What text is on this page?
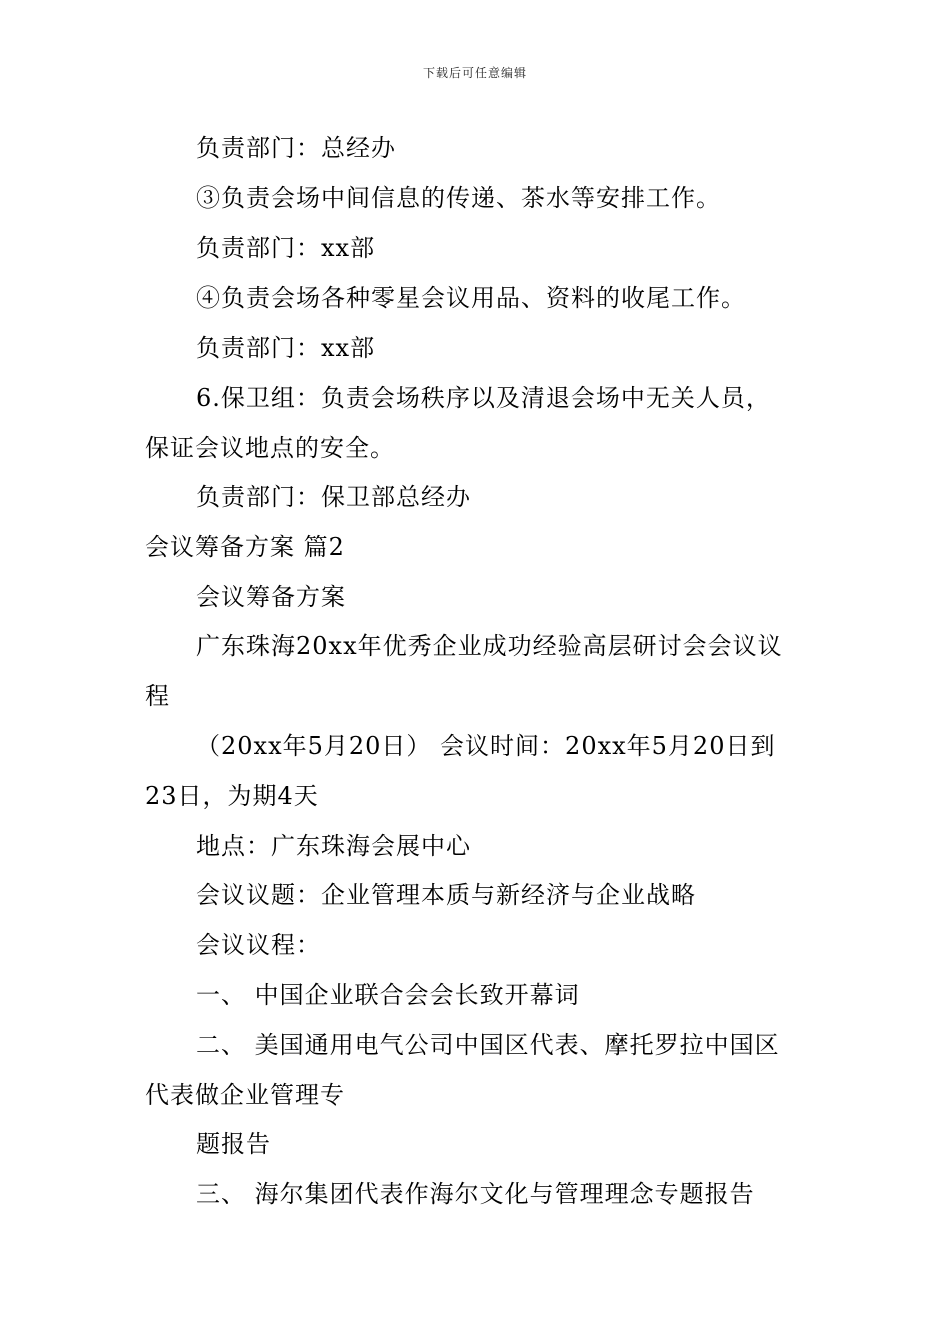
下载后可任意编辑
负责部门：总经办
③负责会场中间信息的传递、茶水等安排工作。
负责部门：xx部
④负责会场各种零星会议用品、资料的收尾工作。
负责部门：xx部
6.保卫组：负责会场秩序以及清退会场中无关人员，
保证会议地点的安全。
负责部门：保卫部总经办
会议筹备方案 篇2
会议筹备方案
广东珠海20xx年优秀企业成功经验高层研讨会会议议
程
（20xx年5月20日） 会议时间：20xx年5月20日到
23日，为期4天
地点：广东珠海会展中心
会议议题：企业管理本质与新经济与企业战略
会议议程：
一、 中国企业联合会会长致开幕词
二、 美国通用电气公司中国区代表、摩托罗拉中国区
代表做企业管理专
题报告
三、 海尔集团代表作海尔文化与管理理念专题报告
